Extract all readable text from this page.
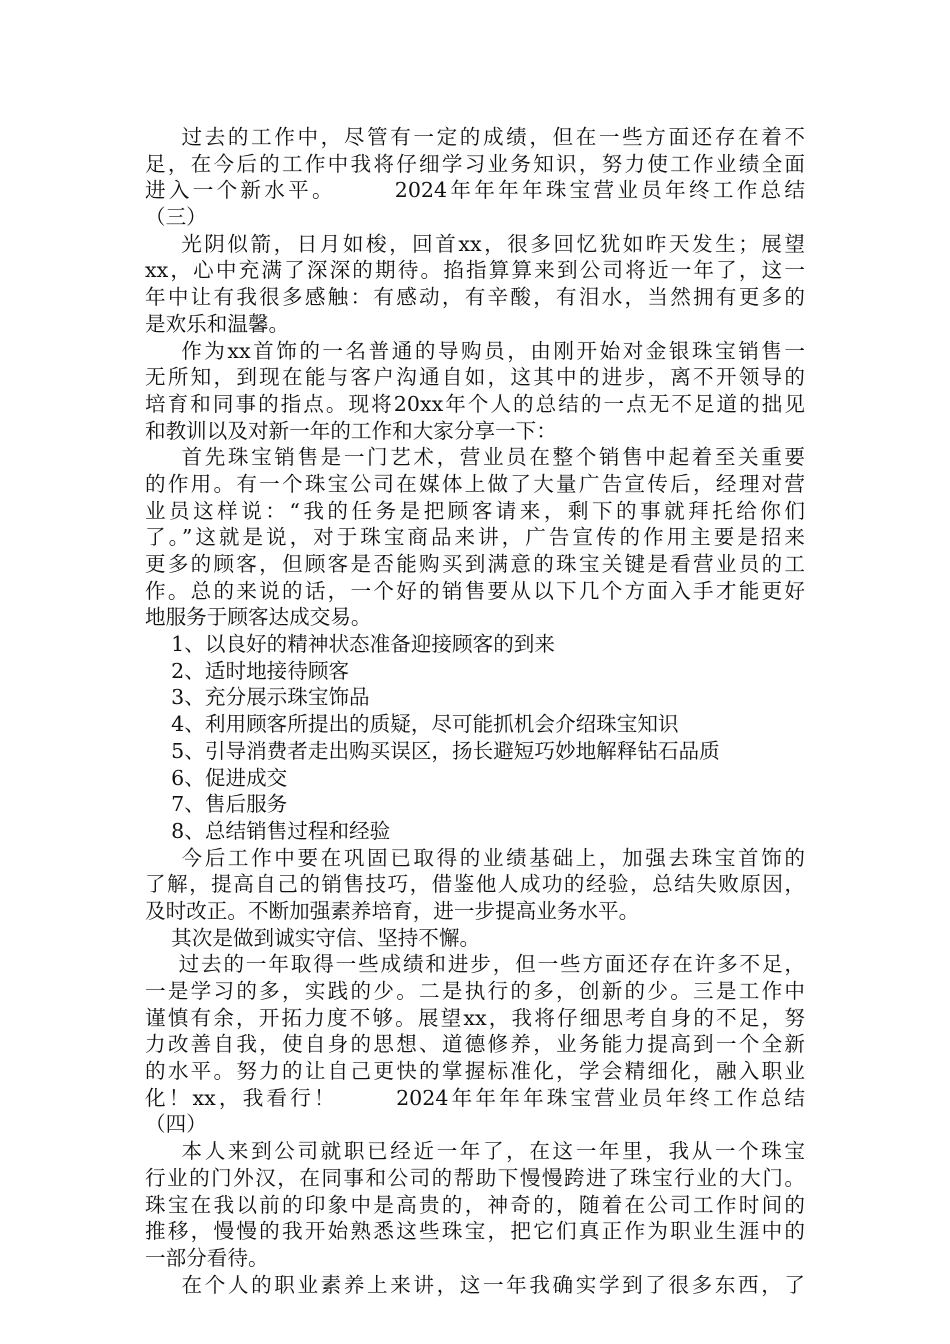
过去的工作中，尽管有一定的成绩，但在一些方面还存在着不
足，在今后的工作中我将仔细学习业务知识，努力使工作业绩全面
进入一个新水平。      2024年年年年珠宝营业员年终工作总结
（三）
光阴似箭，日月如梭，回首xx，很多回忆犹如昨天发生；展望
xx，心中充满了深深的期待。掐指算算来到公司将近一年了，这一
年中让有我很多感触：有感动，有辛酸，有泪水，当然拥有更多的
是欢乐和温馨。
作为xx首饰的一名普通的导购员，由刚开始对金银珠宝销售一
无所知，到现在能与客户沟通自如，这其中的进步，离不开领导的
培育和同事的指点。现将20xx年个人的总结的一点无不足道的拙见
和教训以及对新一年的工作和大家分享一下：
首先珠宝销售是一门艺术，营业员在整个销售中起着至关重要
的作用。有一个珠宝公司在媒体上做了大量广告宣传后，经理对营
业员这样说：“我的任务是把顾客请来，剩下的事就拜托给你们
了。”这就是说，对于珠宝商品来讲，广告宣传的作用主要是招来
更多的顾客，但顾客是否能购买到满意的珠宝关键是看营业员的工
作。总的来说的话，一个好的销售要从以下几个方面入手才能更好
地服务于顾客达成交易。
1、以良好的精神状态准备迎接顾客的到来
2、适时地接待顾客
3、充分展示珠宝饰品
4、利用顾客所提出的质疑，尽可能抓机会介绍珠宝知识
5、引导消费者走出购买误区，扬长避短巧妙地解释钻石品质
6、促进成交
7、售后服务
8、总结销售过程和经验
今后工作中要在巩固已取得的业绩基础上，加强去珠宝首饰的
了解，提高自己的销售技巧，借鉴他人成功的经验，总结失败原因，
及时改正。不断加强素养培育，进一步提高业务水平。
其次是做到诚实守信、坚持不懈。
过去的一年取得一些成绩和进步，但一些方面还存在许多不足，
一是学习的多，实践的少。二是执行的多，创新的少。三是工作中
谨慎有余，开拓力度不够。展望xx，我将仔细思考自身的不足，努
力改善自我，使自身的思想、道德修养，业务能力提高到一个全新
的水平。努力的让自己更快的掌握标准化，学会精细化，融入职业
化！xx，我看行！      2024年年年年珠宝营业员年终工作总结
（四）
本人来到公司就职已经近一年了，在这一年里，我从一个珠宝
行业的门外汉，在同事和公司的帮助下慢慢跨进了珠宝行业的大门。
珠宝在我以前的印象中是高贵的，神奇的，随着在公司工作时间的
推移，慢慢的我开始熟悉这些珠宝，把它们真正作为职业生涯中的
一部分看待。
在个人的职业素养上来讲，这一年我确实学到了很多东西，了
